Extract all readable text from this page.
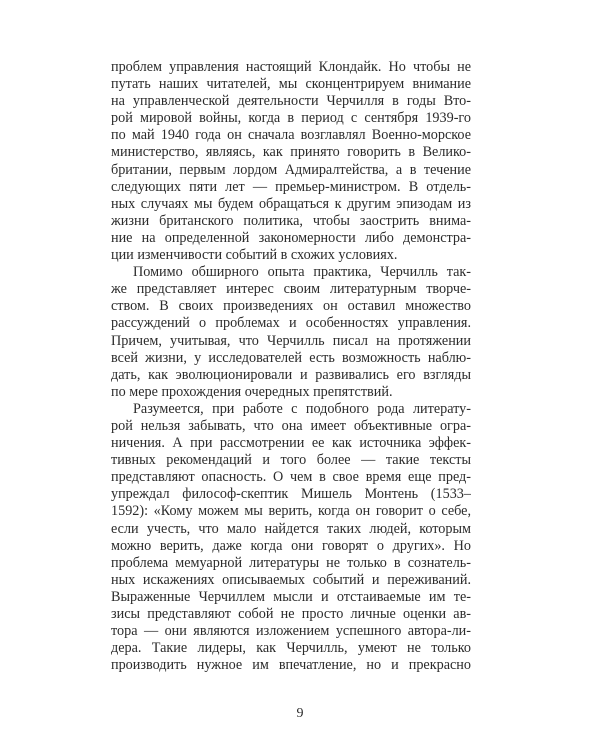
проблем управления настоящий Клондайк. Но чтобы не
путать наших читателей, мы сконцентрируем внимание
на управленческой деятельности Черчилля в годы Вто-
рой мировой войны, когда в период с сентября 1939-го
по май 1940 года он сначала возглавлял Военно-морское
министерство, являясь, как принято говорить в Велико-
британии, первым лордом Адмиралтейства, а в течение
следующих пяти лет — премьер-министром. В отдель-
ных случаях мы будем обращаться к другим эпизодам из
жизни британского политика, чтобы заострить внима-
ние на определенной закономерности либо демонстра-
ции изменчивости событий в схожих условиях.
Помимо обширного опыта практика, Черчилль так-
же представляет интерес своим литературным творче-
ством. В своих произведениях он оставил множество
рассуждений о проблемах и особенностях управления.
Причем, учитывая, что Черчилль писал на протяжении
всей жизни, у исследователей есть возможность наблю-
дать, как эволюционировали и развивались его взгляды
по мере прохождения очередных препятствий.
Разумеется, при работе с подобного рода литерату-
рой нельзя забывать, что она имеет объективные огра-
ничения. А при рассмотрении ее как источника эффек-
тивных рекомендаций и того более — такие тексты
представляют опасность. О чем в свое время еще пред-
упреждал философ-скептик Мишель Монтень (1533–
1592): «Кому можем мы верить, когда он говорит о себе,
если учесть, что мало найдется таких людей, которым
можно верить, даже когда они говорят о других». Но
проблема мемуарной литературы не только в сознатель-
ных искажениях описываемых событий и переживаний.
Выраженные Черчиллем мысли и отстаиваемые им те-
зисы представляют собой не просто личные оценки ав-
тора — они являются изложением успешного автора-ли-
дера. Такие лидеры, как Черчилль, умеют не только
производить нужное им впечатление, но и прекрасно
9
